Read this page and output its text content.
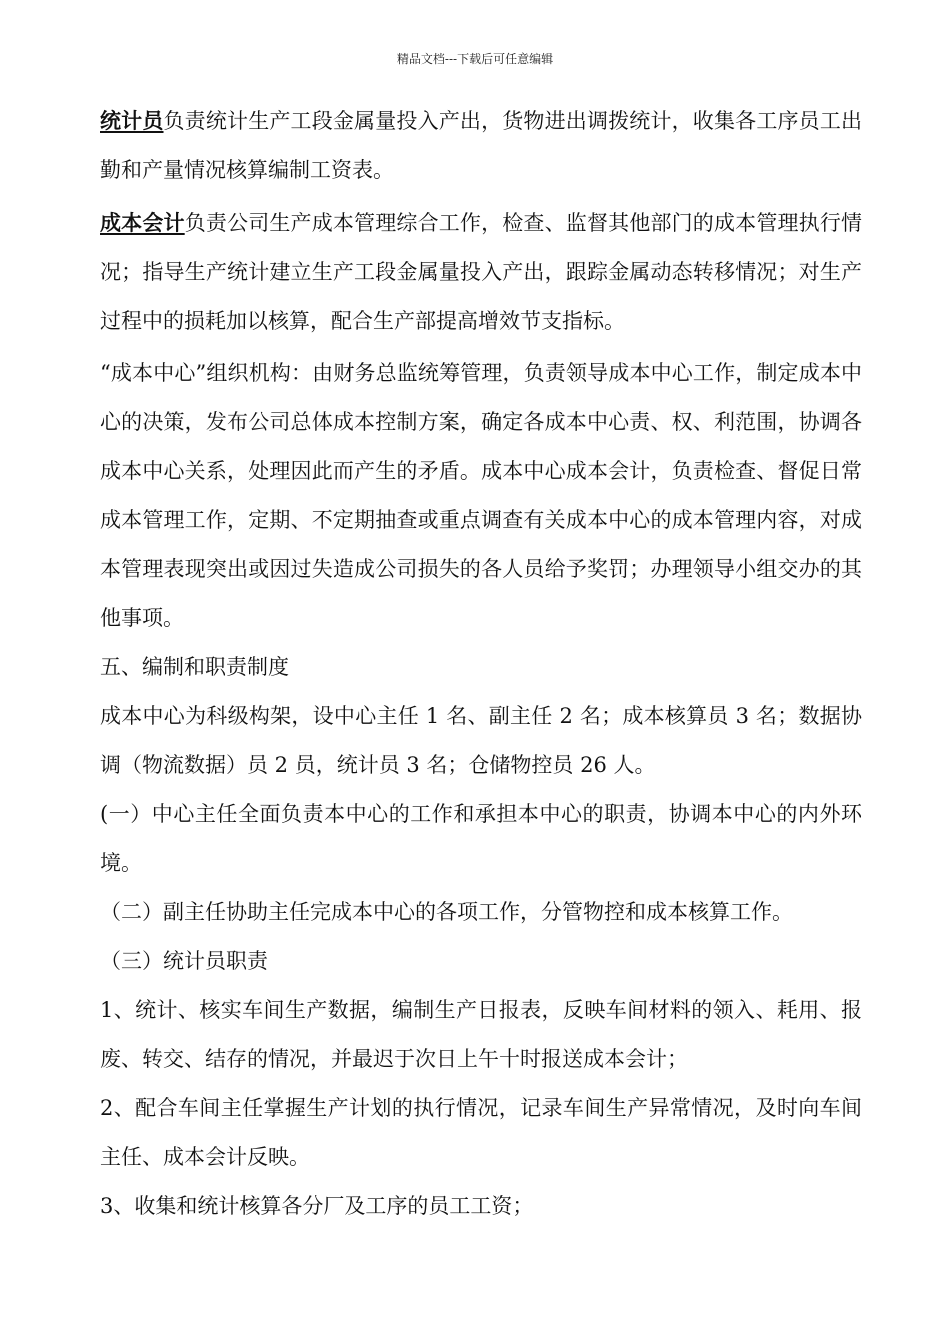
精品文档---下载后可任意编辑

统计员负责统计生产工段金属量投入产出，货物进出调拨统计，收集各工序员工出勤和产量情况核算编制工资表。

成本会计负责公司生产成本管理综合工作，检查、监督其他部门的成本管理执行情况；指导生产统计建立生产工段金属量投入产出，跟踪金属动态转移情况；对生产过程中的损耗加以核算，配合生产部提高增效节支指标。

“成本中心”组织机构：由财务总监统筹管理，负责领导成本中心工作，制定成本中心的决策，发布公司总体成本控制方案，确定各成本中心责、权、利范围，协调各成本中心关系，处理因此而产生的矛盾。成本中心成本会计，负责检查、督促日常成本管理工作，定期、不定期抽查或重点调查有关成本中心的成本管理内容，对成本管理表现突出或因过失造成公司损失的各人员给予奖罚；办理领导小组交办的其他事项。

五、编制和职责制度

成本中心为科级构架，设中心主任 1 名、副主任 2 名；成本核算员 3 名；数据协调（物流数据）员 2 员，统计员 3 名；仓储物控员 26 人。

(一）中心主任全面负责本中心的工作和承担本中心的职责，协调本中心的内外环境。

（二）副主任协助主任完成本中心的各项工作，分管物控和成本核算工作。

（三）统计员职责

1、统计、核实车间生产数据，编制生产日报表，反映车间材料的领入、耗用、报废、转交、结存的情况，并最迟于次日上午十时报送成本会计；

2、配合车间主任掌握生产计划的执行情况，记录车间生产异常情况，及时向车间主任、成本会计反映。

3、收集和统计核算各分厂及工序的员工工资；
